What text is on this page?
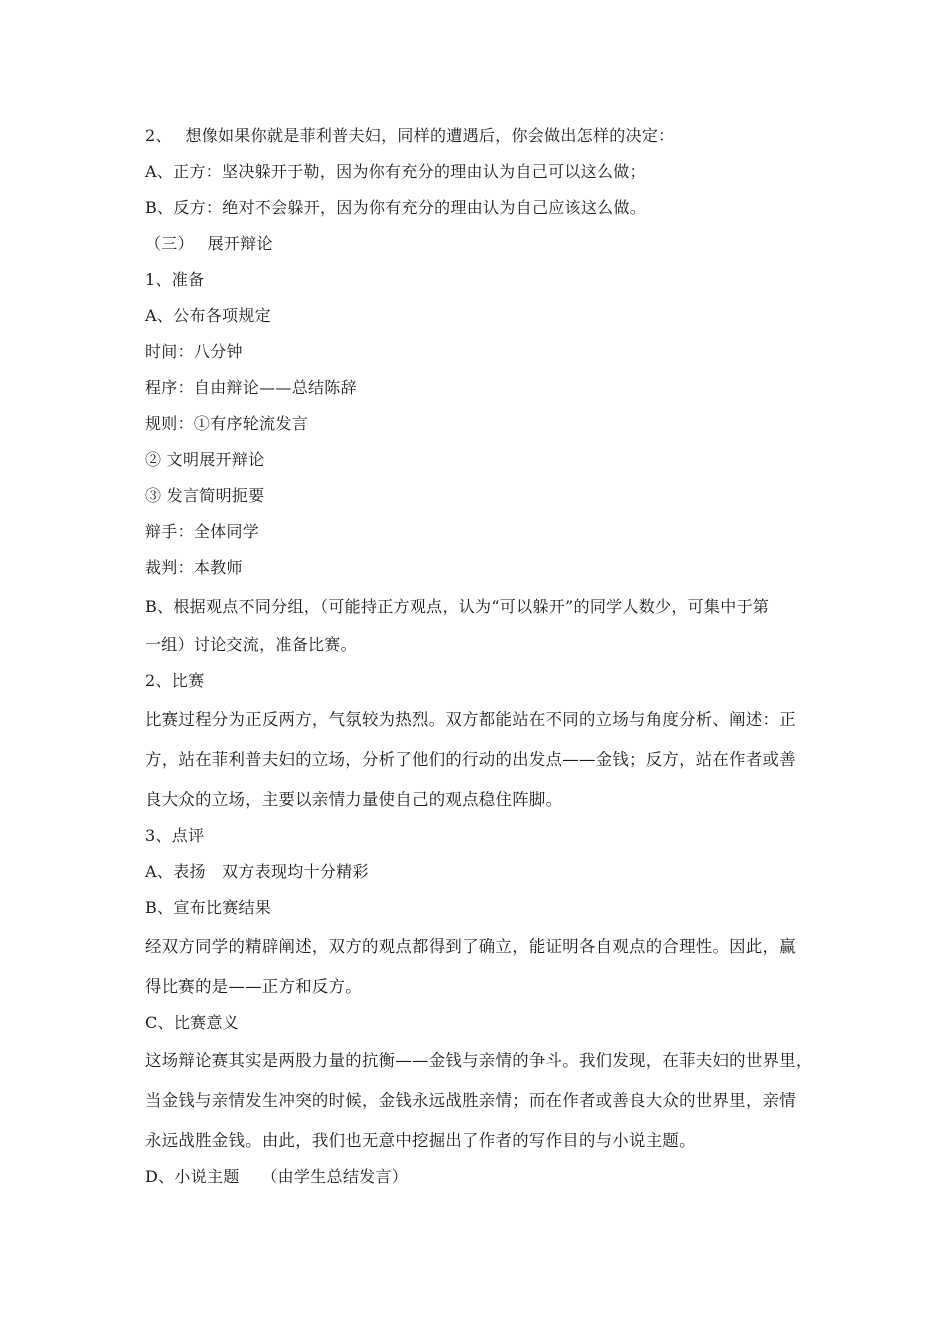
2、　 想像如果你就是菲利普夫妇，同样的遭遇后，你会做出怎样的决定：
A、正方：坚决躲开于勒，因为你有充分的理由认为自己可以这么做；
B、反方：绝对不会躲开，因为你有充分的理由认为自己应该这么做。
（三）　 展开辩论
1、准备
A、公布各项规定
时间：八分钟
程序：自由辩论——总结陈辞
规则：①有序轮流发言
② 文明展开辩论
③ 发言简明扼要
辩手：全体同学
裁判：本教师
B、根据观点不同分组，（可能持正方观点，认为“可以躲开”的同学人数少，可集中于第
一组）讨论交流，准备比赛。
2、比赛
比赛过程分为正反两方，气氛较为热烈。双方都能站在不同的立场与角度分析、阐述：正
方，站在菲利普夫妇的立场，分析了他们的行动的出发点——金钱；反方，站在作者或善
良大众的立场，主要以亲情力量使自己的观点稳住阵脚。
3、点评
A、表扬　双方表现均十分精彩
B、宣布比赛结果
经双方同学的精辟阐述，双方的观点都得到了确立，能证明各自观点的合理性。因此，赢
得比赛的是——正方和反方。
C、比赛意义
这场辩论赛其实是两股力量的抗衡——金钱与亲情的争斗。我们发现，在菲夫妇的世界里，
当金钱与亲情发生冲突的时候，金钱永远战胜亲情；而在作者或善良大众的世界里，亲情
永远战胜金钱。由此，我们也无意中挖掘出了作者的写作目的与小说主题。
D、小说主题　 （由学生总结发言）
